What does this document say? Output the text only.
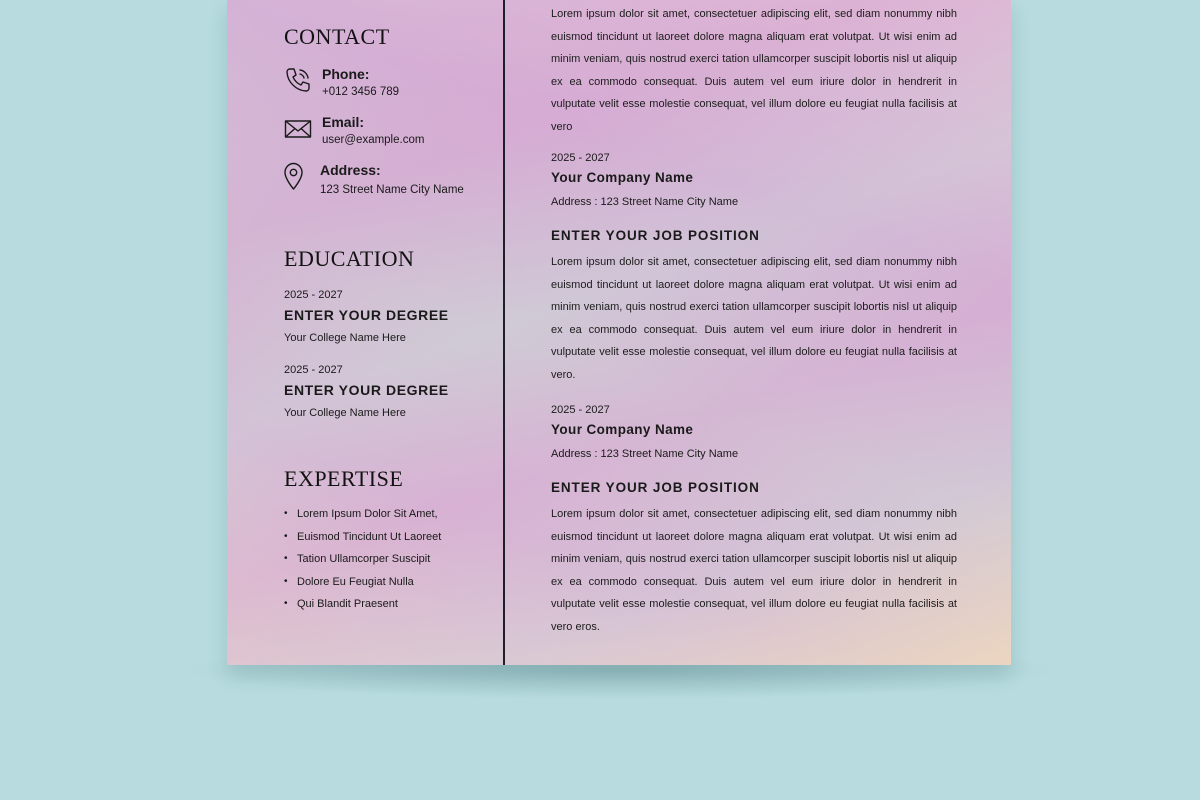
CONTACT
Phone:
+012 3456 789
Email:
user@example.com
Address:
123 Street Name City Name
EDUCATION

2025 - 2027

ENTER YOUR DEGREE

Your College Name Here

2025 - 2027

ENTER YOUR DEGREE

Your College Name Here

EXPERTISE
• Lorem Ipsum Dolor Sit Amet,
• Euismod Tincidunt Ut Laoreet
• Tation Ullamcorper Suscipit
• Dolore Eu Feugiat Nulla
• Qui Blandit Praesent

Lorem ipsum dolor sit amet, consectetuer adipiscing elit, sed diam nonummy nibh euismod tincidunt ut laoreet dolore magna aliquam erat volutpat. Ut wisi enim ad minim veniam, quis nostrud exerci tation ullamcorper suscipit lobortis nisl ut aliquip ex ea commodo consequat. Duis autem vel eum iriure dolor in hendrerit in vulputate velit esse molestie consequat, vel illum dolore eu feugiat nulla facilisis at vero

2025 - 2027

Your Company Name

Address : 123 Street Name City Name

ENTER YOUR JOB POSITION

Lorem ipsum dolor sit amet, consectetuer adipiscing elit, sed diam nonummy nibh euismod tincidunt ut laoreet dolore magna aliquam erat volutpat. Ut wisi enim ad minim veniam, quis nostrud exerci tation ullamcorper suscipit lobortis nisl ut aliquip ex ea commodo consequat. Duis autem vel eum iriure dolor in hendrerit in vulputate velit esse molestie consequat, vel illum dolore eu feugiat nulla facilisis at vero.

2025 - 2027

Your Company Name

Address : 123 Street Name City Name

ENTER YOUR JOB POSITION

Lorem ipsum dolor sit amet, consectetuer adipiscing elit, sed diam nonummy nibh euismod tincidunt ut laoreet dolore magna aliquam erat volutpat. Ut wisi enim ad minim veniam, quis nostrud exerci tation ullamcorper suscipit lobortis nisl ut aliquip ex ea commodo consequat. Duis autem vel eum iriure dolor in hendrerit in vulputate velit esse molestie consequat, vel illum dolore eu feugiat nulla facilisis at vero eros.
